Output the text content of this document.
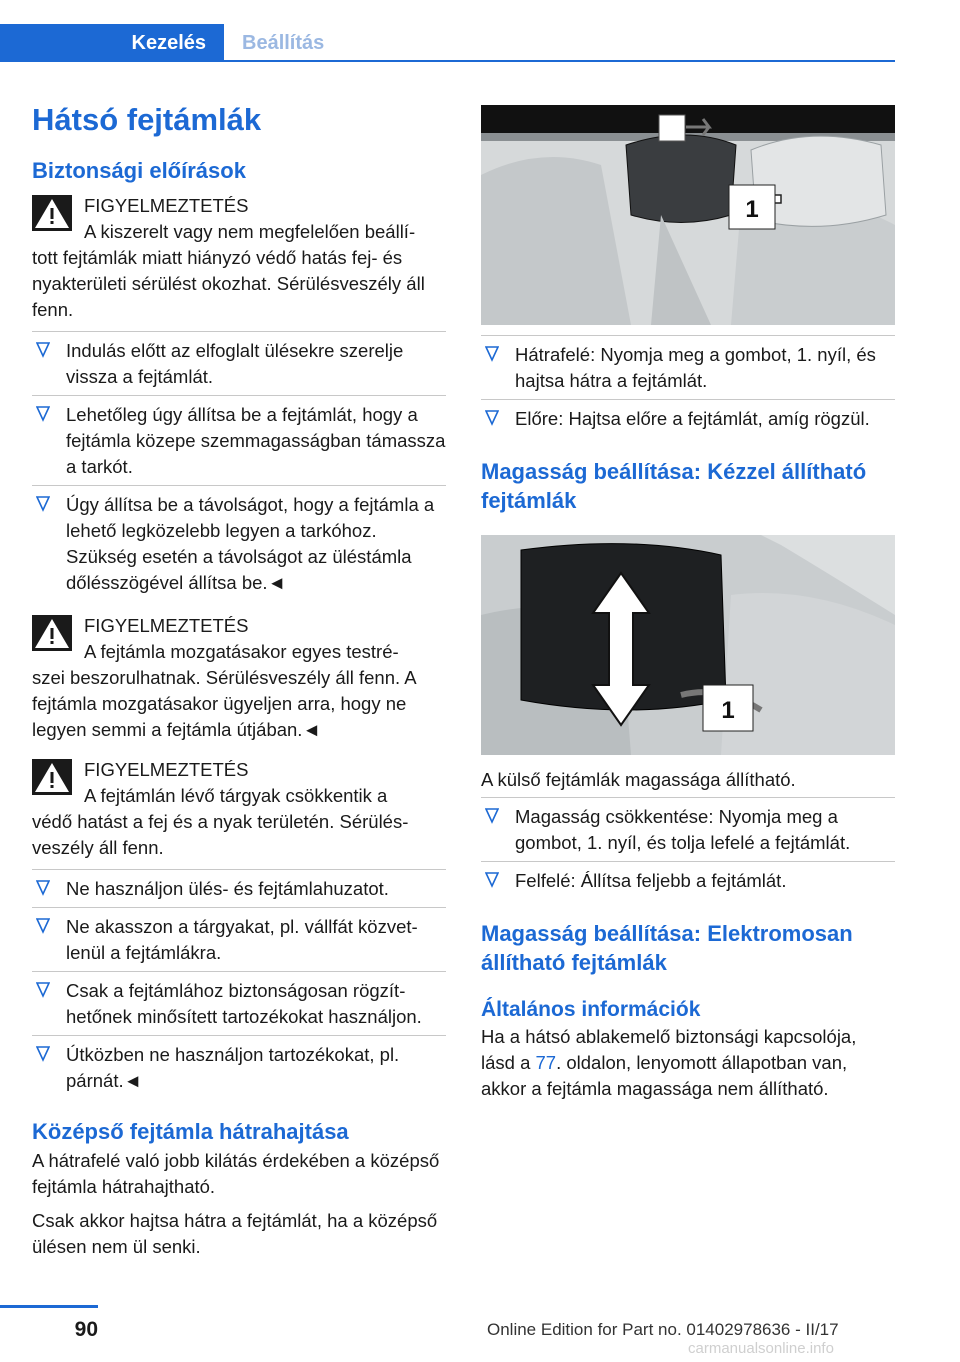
Kezelés	Beállítás
Hátsó fejtámlák
Biztonsági előírások
FIGYELMEZTETÉS
A kiszerelt vagy nem megfelelően beállí-

tott fejtámlák miatt hiányzó védő hatás fej- és nyakterületi sérülést okozhat. Sérülésveszély áll fenn.

Indulás előtt az elfoglalt ülésekre szerelje vissza a fejtámlát.
Lehetőleg úgy állítsa be a fejtámlát, hogy a fejtámla közepe szemmagasságban támassza a tarkót.
Úgy állítsa be a távolságot, hogy a fejtámla a lehető legközelebb legyen a tarkóhoz. Szükség esetén a távolságot az üléstámla dőlésszögével állítsa be.◄
FIGYELMEZTETÉS
A fejtámla mozgatásakor egyes testré-

szei beszorulhatnak. Sérülésveszély áll fenn. A fejtámla mozgatásakor ügyeljen arra, hogy ne legyen semmi a fejtámla útjában.◄

FIGYELMEZTETÉS
A fejtámlán lévő tárgyak csökkentik a

védő hatást a fej és a nyak területén. Sérülésveszély áll fenn.

Ne használjon ülés- és fejtámlahuzatot.
Ne akasszon a tárgyakat, pl. vállfát közvetlenül a fejtámlákra.
Csak a fejtámlához biztonságosan rögzíthetőnek minősített tartozékokat használjon.
Útközben ne használjon tartozékokat, pl. párnát.◄
Középső fejtámla hátrahajtása

A hátrafelé való jobb kilátás érdekében a középső fejtámla hátrahajtható.

Csak akkor hajtsa hátra a fejtámlát, ha a középső ülésen nem ül senki.

1
Hátrafelé: Nyomja meg a gombot, 1. nyíl, és hajtsa hátra a fejtámlát.
Előre: Hajtsa előre a fejtámlát, amíg rögzül.
Magasság beállítása: Kézzel állítható fejtámlák
1

A külső fejtámlák magassága állítható.

Magasság csökkentése: Nyomja meg a gombot, 1. nyíl, és tolja lefelé a fejtámlát.
Felfelé: Állítsa feljebb a fejtámlát.
Magasság beállítása: Elektromosan állítható fejtámlák
Általános információk

Ha a hátsó ablakemelő biztonsági kapcsolója, lásd a 77. oldalon, lenyomott állapotban van, akkor a fejtámla magassága nem állítható.

90	Online Edition for Part no. 01402978636 - II/17
carmanualsonline.info
